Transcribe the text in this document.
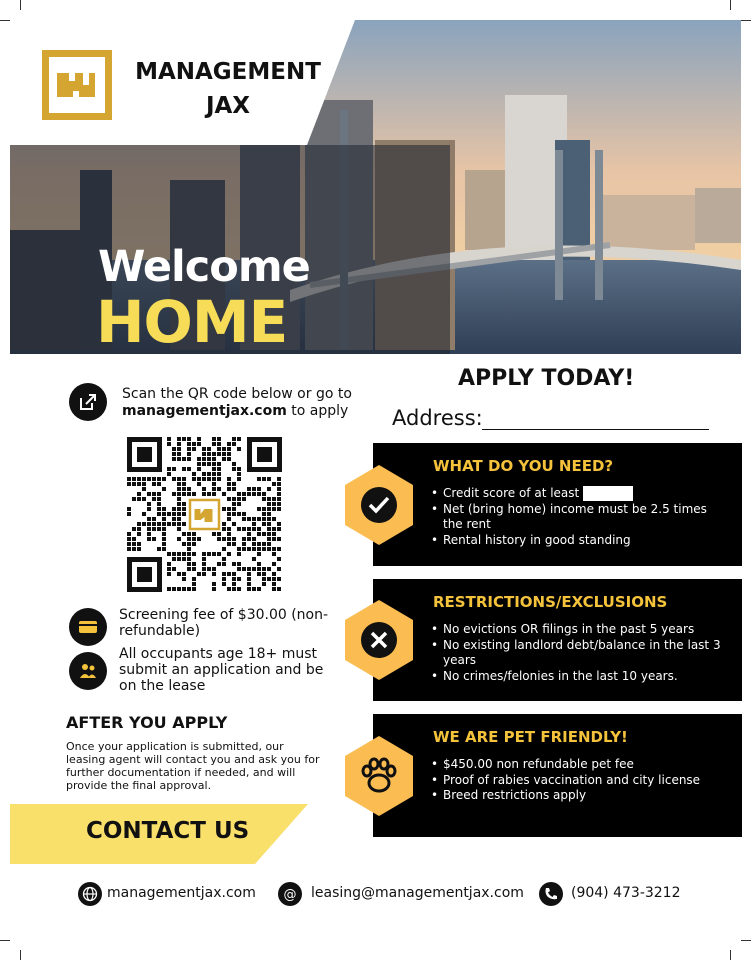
Welcome
HOME
MANAGEMENT
JAX
Scan the QR code below or go to
managementjax.com to apply
Screening fee of $30.00 (non-refundable)
All occupants age 18+ must submit an application and be on the lease
AFTER YOU APPLY
Once your application is submitted, our leasing agent will contact you and ask you for further documentation if needed, and will provide the final approval.
CONTACT US
APPLY TODAY!
Address:
WHAT DO YOU NEED?
• Credit score of at least
• Net (bring home) income must be 2.5 times the rent
• Rental history in good standing
RESTRICTIONS/EXCLUSIONS
• No evictions OR filings in the past 5 years
• No existing landlord debt/balance in the last 3 years
• No crimes/felonies in the last 10 years.
WE ARE PET FRIENDLY!
• $450.00 non refundable pet fee
• Proof of rabies vaccination and city license
• Breed restrictions apply
managementjax.com @ leasing@managementjax.com	(904) 473-3212
